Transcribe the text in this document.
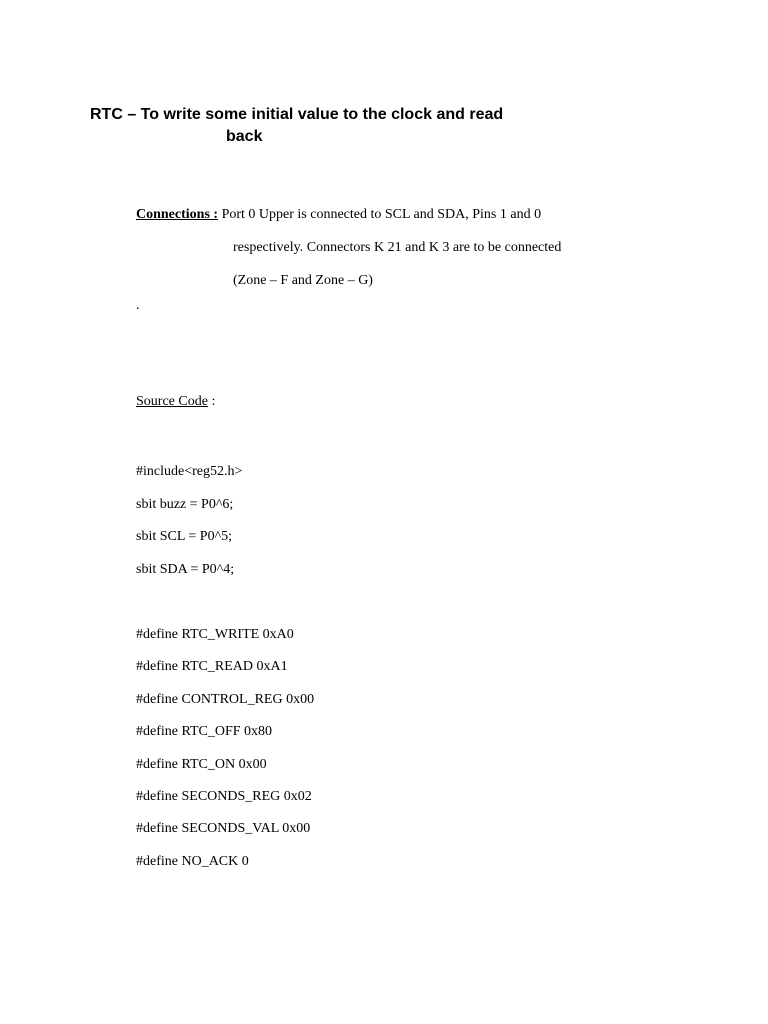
RTC – To write some initial value to the clock and read
back
Connections : Port 0 Upper is connected to SCL and SDA, Pins 1 and 0
respectively. Connectors K 21 and K 3 are to be connected
(Zone – F and Zone – G)
.
Source Code :
#include<reg52.h>
sbit buzz = P0^6;
sbit SCL = P0^5;
sbit SDA = P0^4;
#define RTC_WRITE 0xA0
#define RTC_READ 0xA1
#define CONTROL_REG 0x00
#define RTC_OFF 0x80
#define RTC_ON 0x00
#define SECONDS_REG 0x02
#define SECONDS_VAL 0x00
#define NO_ACK 0
